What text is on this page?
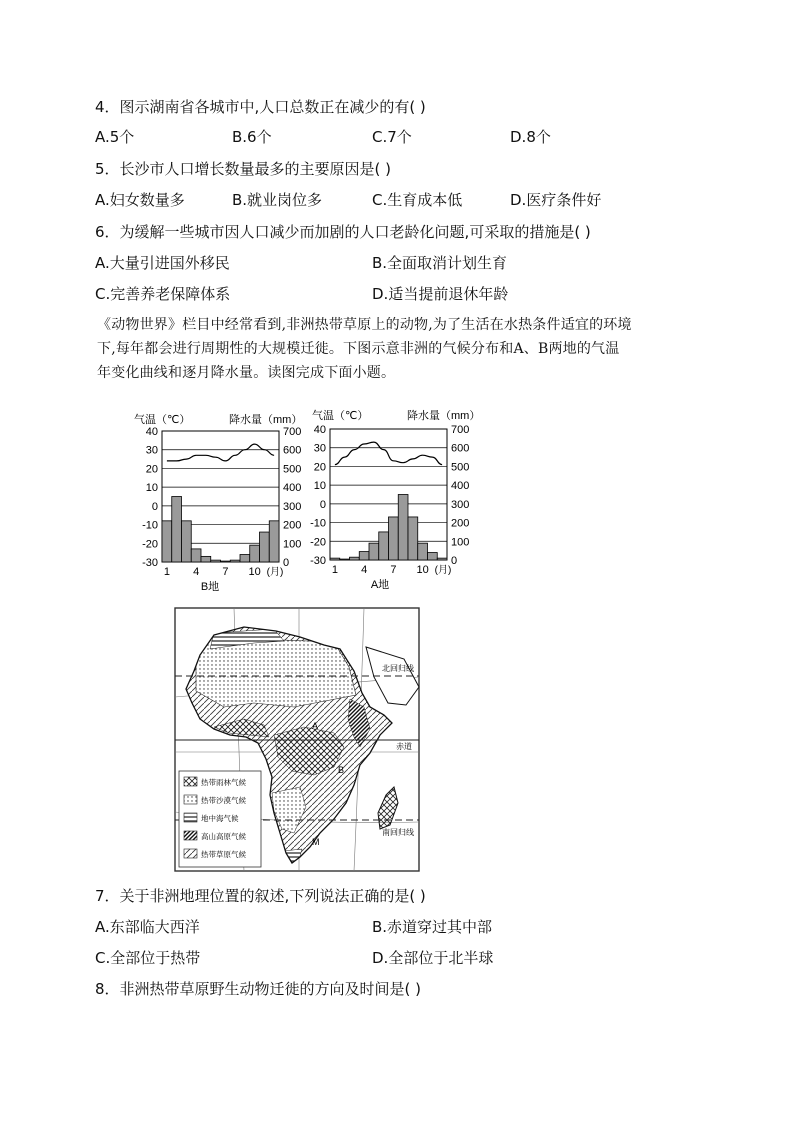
4．图示湖南省各城市中,人口总数正在减少的有( )
A.5个	B.6个	C.7个	D.8个
5．长沙市人口增长数量最多的主要原因是( )
A.妇女数量多	B.就业岗位多	C.生育成本低	D.医疗条件好
6．为缓解一些城市因人口减少而加剧的人口老龄化问题,可采取的措施是( )
A.大量引进国外移民	B.全面取消计划生育
C.完善养老保障体系	D.适当提前退休年龄
《动物世界》栏目中经常看到,非洲热带草原上的动物,为了生活在水热条件适宜的环境
下,每年都会进行周期性的大规模迁徙。下图示意非洲的气候分布和A、B两地的气温
年变化曲线和逐月降水量。读图完成下面小题。
气温（℃）	降水量（mm）
40
30
20
10
0
-10
-20
-30
700
600
500
400
300
200
100
0
1 4 7 10 (月)
B地
气温（℃）	降水量（mm）
40
30
20
10
0
-10
-20
-30
700
600
500
400
300
200
100
0
1 4 7 10 (月)
A地
北回归线
赤道
南回归线
A
B
M
热带雨林气候
热带沙漠气候
地中海气候
高山高原气候
热带草原气候
7．关于非洲地理位置的叙述,下列说法正确的是( )
A.东部临大西洋	B.赤道穿过其中部
C.全部位于热带	D.全部位于北半球
8．非洲热带草原野生动物迁徙的方向及时间是( )
